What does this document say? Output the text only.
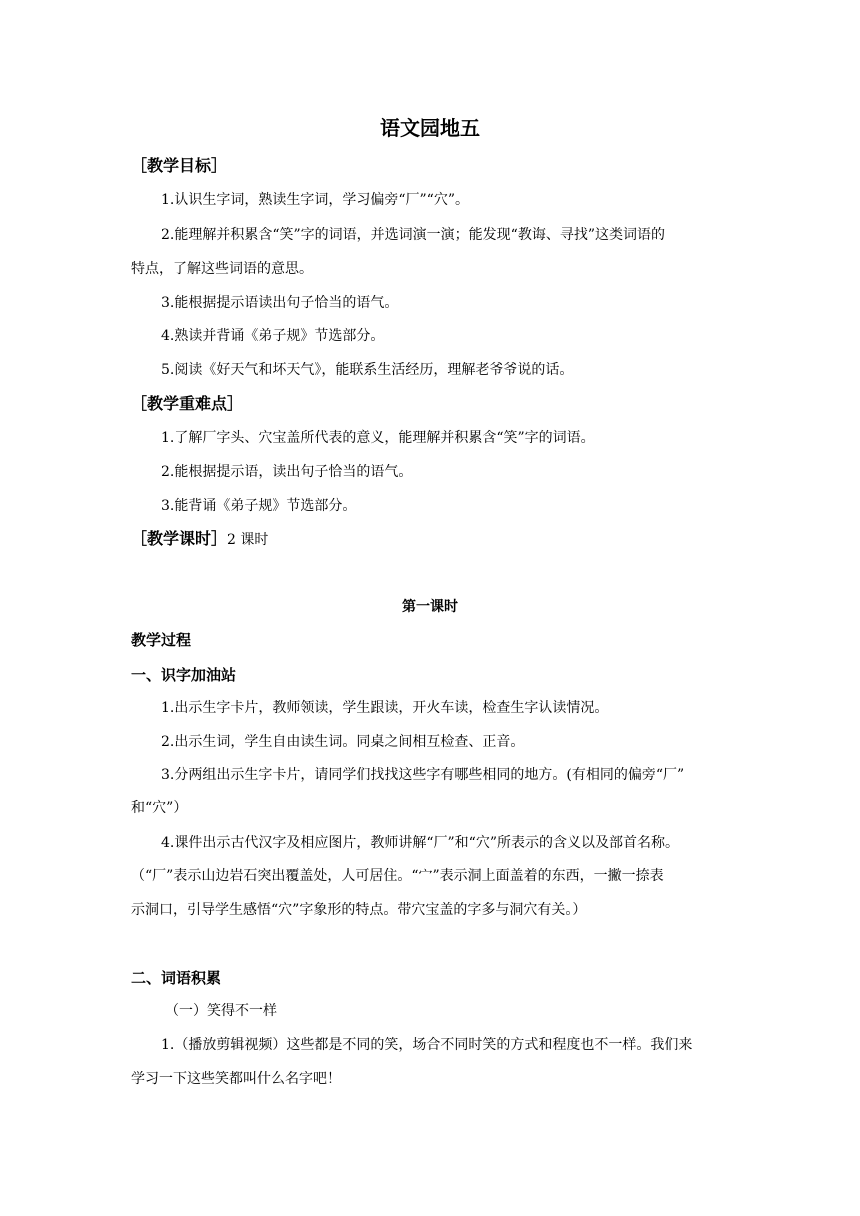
语文园地五
［教学目标］
1.认识生字词，熟读生字词，学习偏旁“厂”“穴”。
2.能理解并积累含“笑”字的词语，并选词演一演；能发现“教诲、寻找”这类词语的
特点，了解这些词语的意思。
3.能根据提示语读出句子恰当的语气。
4.熟读并背诵《弟子规》节选部分。
5.阅读《好天气和坏天气》，能联系生活经历，理解老爷爷说的话。
［教学重难点］
1.了解厂字头、穴宝盖所代表的意义，能理解并积累含“笑”字的词语。
2.能根据提示语，读出句子恰当的语气。
3.能背诵《弟子规》节选部分。
［教学课时］2 课时
第一课时
教学过程
一、识字加油站
1.出示生字卡片，教师领读，学生跟读，开火车读，检查生字认读情况。
2.出示生词，学生自由读生词。同桌之间相互检查、正音。
3.分两组出示生字卡片，请同学们找找这些字有哪些相同的地方。(有相同的偏旁“厂”
和“穴”）
4.课件出示古代汉字及相应图片，教师讲解“厂”和“穴”所表示的含义以及部首名称。
（“厂”表示山边岩石突出覆盖处，人可居住。“宀”表示洞上面盖着的东西，一撇一捺表
示洞口，引导学生感悟“穴”字象形的特点。带穴宝盖的字多与洞穴有关。）
二、词语积累
（一）笑得不一样
1.（播放剪辑视频）这些都是不同的笑，场合不同时笑的方式和程度也不一样。我们来
学习一下这些笑都叫什么名字吧！
